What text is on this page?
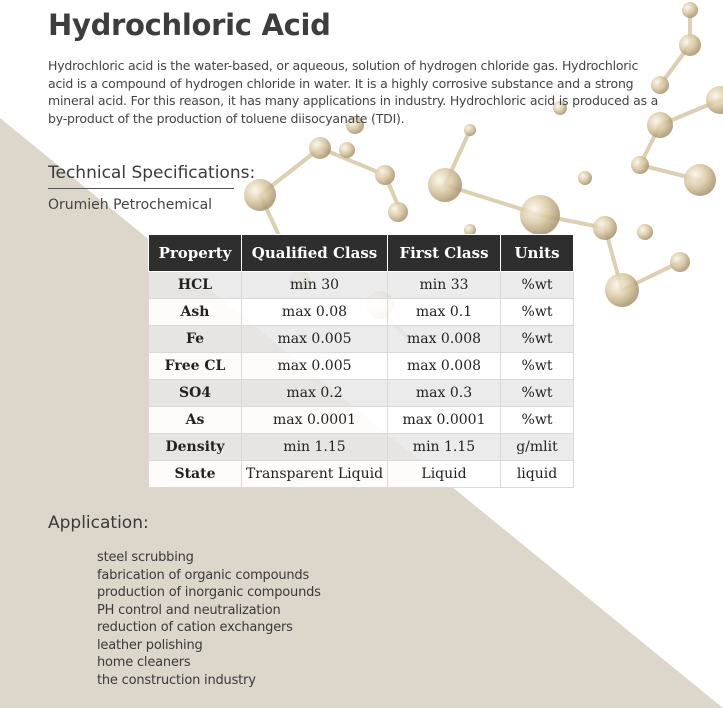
Hydrochloric Acid
Hydrochloric acid is the water-based, or aqueous, solution of hydrogen chloride gas. Hydrochloric acid is a compound of hydrogen chloride in water. It is a highly corrosive substance and a strong mineral acid. For this reason, it has many applications in industry. Hydrochloric acid is produced as a by-product of the production of toluene diisocyanate (TDI).
Technical Specifications:
Orumieh Petrochemical
Property	Qualified Class	First Class	Units
HCL	min 30	min 33	%wt
Ash	max 0.08	max 0.1	%wt
Fe	max 0.005	max 0.008	%wt
Free CL	max 0.005	max 0.008	%wt
SO4	max 0.2	max 0.3	%wt
As	max 0.0001	max 0.0001	%wt
Density	min 1.15	min 1.15	g/mlit
State	Transparent Liquid	Liquid	liquid
Application:
steel scrubbing
fabrication of organic compounds
production of inorganic compounds
PH control and neutralization
reduction of cation exchangers
leather polishing
home cleaners
the construction industry
